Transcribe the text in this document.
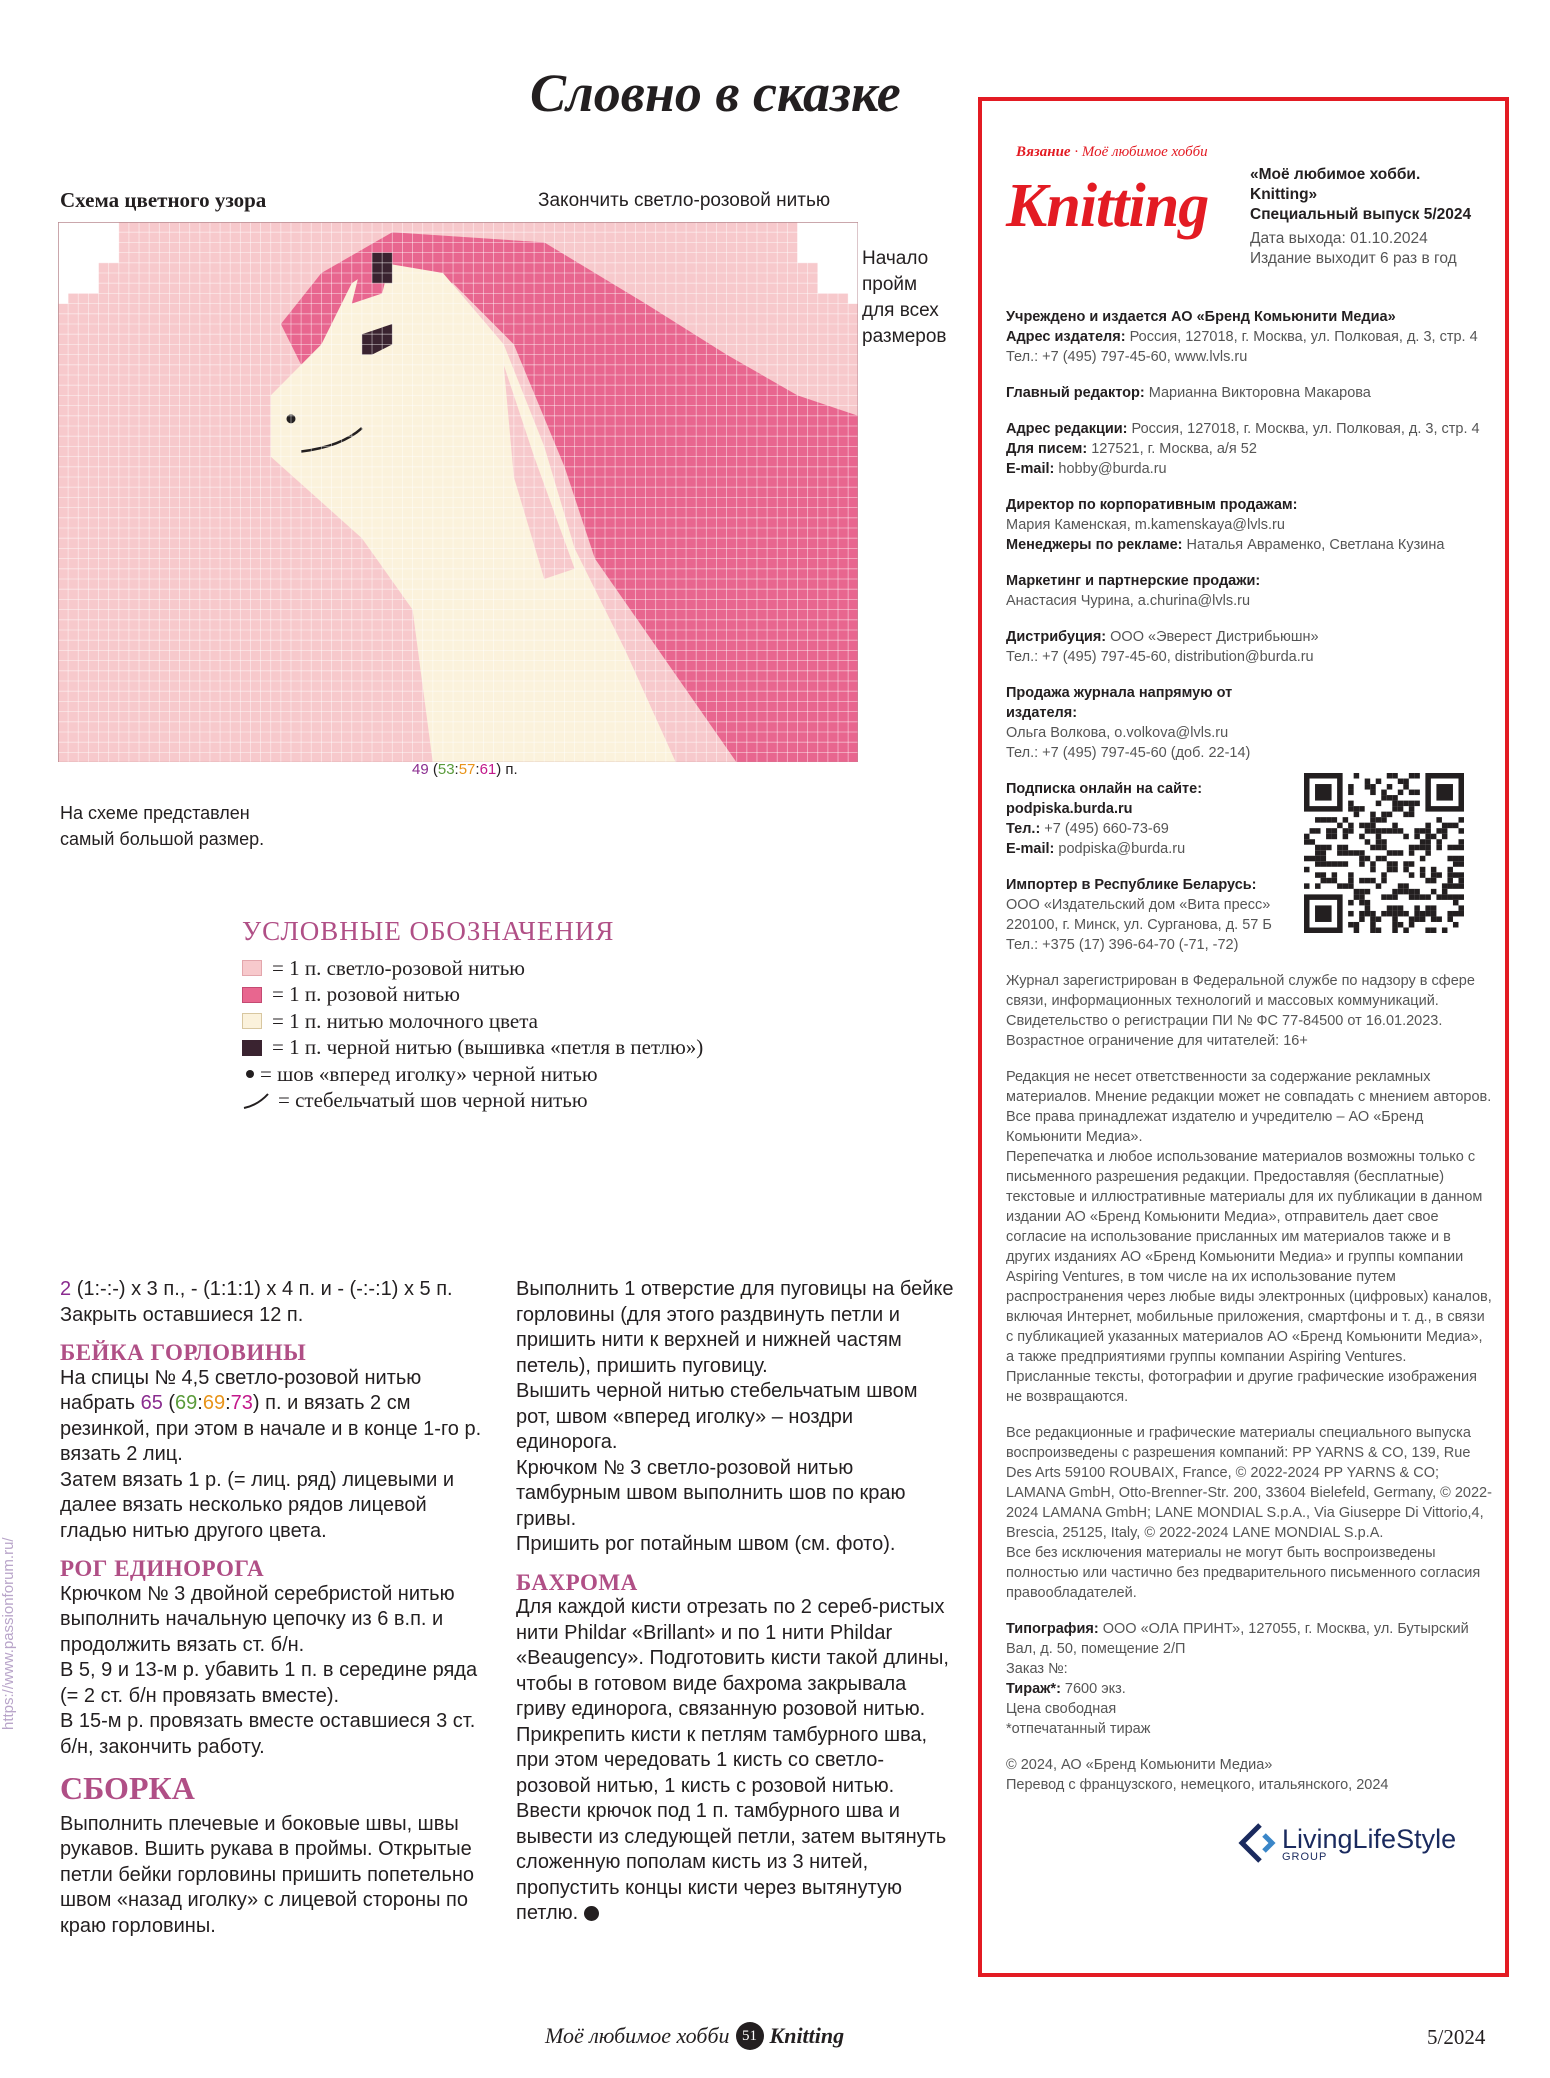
Словно в сказке
Схема цветного узора	Закончить светло-розовой нитью
Начало
пройм
для всех
размеров
49 (53:57:61) п.
На схеме представлен
самый большой размер.
УСЛОВНЫЕ ОБОЗНАЧЕНИЯ
= 1 п. светло-розовой нитью
= 1 п. розовой нитью
= 1 п. нитью молочного цвета
= 1 п. черной нитью (вышивка «петля в петлю»)
= шов «вперед иголку» черной нитью
= стебельчатый шов черной нитью

2 (1:-:-) х 3 п., - (1:1:1) х 4 п. и - (-:-:1) х 5 п.

Закрыть оставшиеся 12 п.

БЕЙКА ГОРЛОВИНЫ

На спицы № 4,5 светло-розовой нитью набрать 65 (69:69:73) п. и вязать 2 см резинкой, при этом в начале и в конце 1-го р. вязать 2 лиц.

Затем вязать 1 р. (= лиц. ряд) лицевыми и далее вязать несколько рядов лицевой гладью нитью другого цвета.

РОГ ЕДИНОРОГА

Крючком № 3 двойной серебристой нитью выполнить начальную цепочку из 6 в.п. и продолжить вязать ст. б/н.

В 5, 9 и 13-м р. убавить 1 п. в середине ряда (= 2 ст. б/н провязать вместе).

В 15-м р. провязать вместе оставшиеся 3 ст. б/н, закончить работу.

СБОРКА

Выполнить плечевые и боковые швы, швы рукавов. Вшить рукава в проймы. Открытые петли бейки горловины пришить попетельно швом «назад иголку» с лицевой стороны по краю горловины.

Выполнить 1 отверстие для пуговицы на бейке горловины (для этого раздвинуть петли и пришить нити к верхней и нижней частям петель), пришить пуговицу.

Вышить черной нитью стебельчатым швом рот, швом «вперед иголку» – ноздри единорога.

Крючком № 3 светло-розовой нитью тамбурным швом выполнить шов по краю гривы.

Пришить рог потайным швом (см. фото).

БАХРОМА

Для каждой кисти отрезать по 2 сереб-ристых нити Phildar «Brillant» и по 1 нити Phildar «Beaugency». Подготовить кисти такой длины, чтобы в готовом виде бахрома закрывала гриву единорога, связанную розовой нитью.

Прикрепить кисти к петлям тамбурного шва, при этом чередовать 1 кисть со светло-розовой нитью, 1 кисть с розовой нитью.

Ввести крючок под 1 п. тамбурного шва и вывести из следующей петли, затем вытянуть сложенную пополам кисть из 3 нитей, пропустить концы кисти через вытянутую петлю.

Вязание · Моё любимое хобби
Knitting	«Моё любимое хобби.
Knitting»
Специальный выпуск 5/2024
Дата выхода: 01.10.2024
Издание выходит 6 раз в год

Учреждено и издается АО «Бренд Комьюнити Медиа»

Адрес издателя: Россия, 127018, г. Москва, ул. Полковая, д. 3, стр. 4

Тел.: +7 (495) 797-45-60, www.lvls.ru

Главный редактор: Марианна Викторовна Макарова

Адрес редакции: Россия, 127018, г. Москва, ул. Полковая, д. 3, стр. 4

Для писем: 127521, г. Москва, а/я 52

E-mail: hobby@burda.ru

Директор по корпоративным продажам:

Мария Каменская, m.kamenskaya@lvls.ru

Менеджеры по рекламе: Наталья Авраменко, Светлана Кузина

Маркетинг и партнерские продажи:

Анастасия Чурина, a.churina@lvls.ru

Дистрибуция: ООО «Эверест Дистрибьюшн»

Тел.: +7 (495) 797-45-60, distribution@burda.ru

Продажа журнала напрямую от издателя:

Ольга Волкова, o.volkova@lvls.ru

Тел.: +7 (495) 797-45-60 (доб. 22-14)

Подписка онлайн на сайте:

podpiska.burda.ru

Тел.: +7 (495) 660-73-69

E-mail: podpiska@burda.ru

Импортер в Республике Беларусь:

ООО «Издательский дом «Вита пресс»

220100, г. Минск, ул. Сурганова, д. 57 Б

Тел.: +375 (17) 396-64-70 (-71, -72)

Журнал зарегистрирован в Федеральной службе по надзору в сфере связи, информационных технологий и массовых коммуникаций. Свидетельство о регистрации ПИ № ФС 77-84500 от 16.01.2023.

Возрастное ограничение для читателей: 16+

Редакция не несет ответственности за содержание рекламных материалов. Мнение редакции может не совпадать с мнением авторов. Все права принадлежат издателю и учредителю – АО «Бренд Комьюнити Медиа».

Перепечатка и любое использование материалов возможны только с письменного разрешения редакции. Предоставляя (бесплатные) текстовые и иллюстративные материалы для их публикации в данном издании АО «Бренд Комьюнити Медиа», отправитель дает свое согласие на использование присланных им материалов также и в других изданиях АО «Бренд Комьюнити Медиа» и группы компании Aspiring Ventures, в том числе на их использование путем распространения через любые виды электронных (цифровых) каналов, включая Интернет, мобильные приложения, смартфоны и т. д., в связи с публикацией указанных материалов АО «Бренд Комьюнити Медиа», а также предприятиями группы компании Aspiring Ventures.

Присланные тексты, фотографии и другие графические изображения не возвращаются.

Все редакционные и графические материалы специального выпуска воспроизведены с разрешения компаний: PP YARNS & CO, 139, Rue Des Arts 59100 ROUBAIX, France, © 2022-2024 PP YARNS & CO; LAMANA GmbH, Otto-Brenner-Str. 200, 33604 Bielefeld, Germany, © 2022-2024 LAMANA GmbH; LANE MONDIAL S.p.A., Via Giuseppe Di Vittorio,4, Brescia, 25125, Italy, © 2022-2024 LANE MONDIAL S.p.A.

Все без исключения материалы не могут быть воспроизведены полностью или частично без предварительного письменного согласия правообладателей.

Типография: ООО «ОЛА ПРИНТ», 127055, г. Москва, ул. Бутырский Вал, д. 50, помещение 2/П

Заказ №:

Тираж*: 7600 экз.

Цена свободная

*отпечатанный тираж

© 2024, АО «Бренд Комьюнити Медиа»

Перевод с французского, немецкого, итальянского, 2024

LivingLifeStyle
GROUP
Моё любимое хобби 51 Knitting	5/2024
https://www.passionforum.ru/
